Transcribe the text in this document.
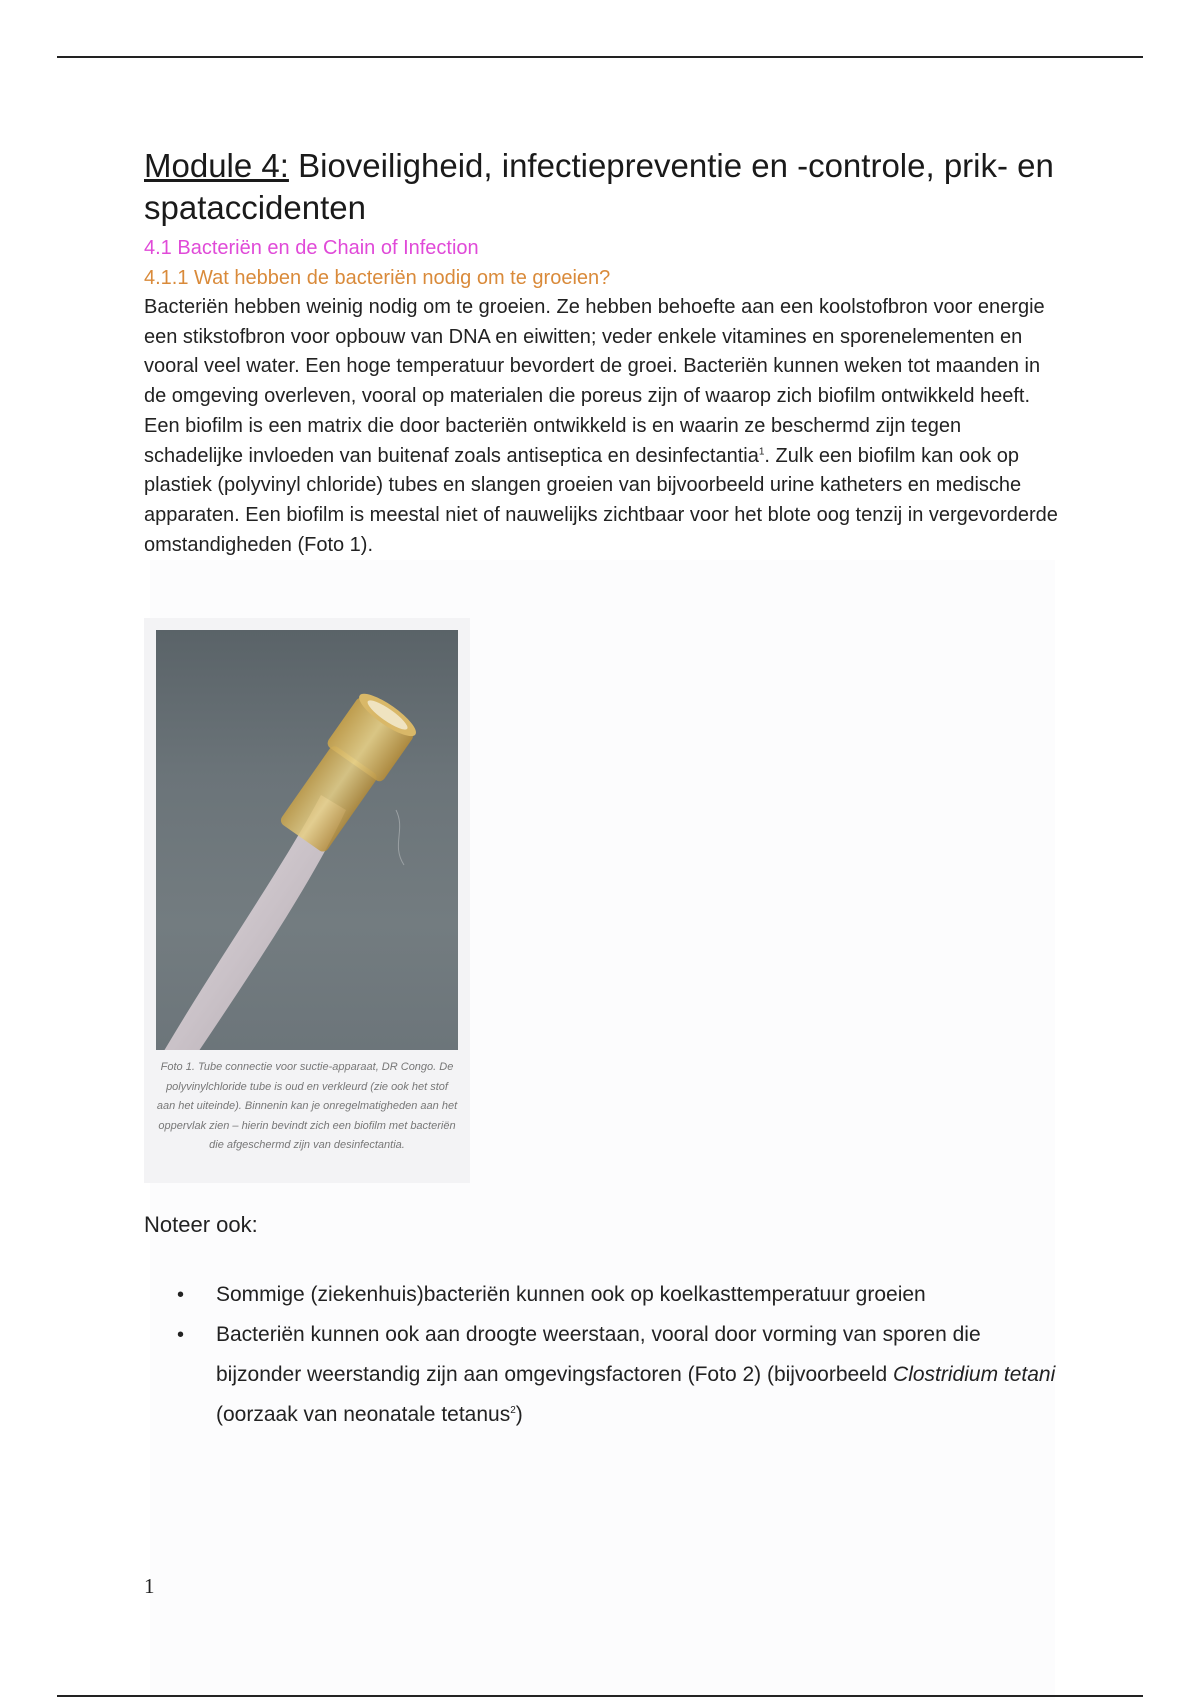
Module 4: Bioveiligheid, infectiepreventie en -controle, prik- en spataccidenten
4.1 Bacteriën en de Chain of Infection
4.1.1 Wat hebben de bacteriën nodig om te groeien?

Bacteriën hebben weinig nodig om te groeien. Ze hebben behoefte aan een koolstofbron voor energie een stikstofbron voor opbouw van DNA en eiwitten; veder enkele vitamines en sporenelementen en vooral veel water. Een hoge temperatuur bevordert de groei. Bacteriën kunnen weken tot maanden in de omgeving overleven, vooral op materialen die poreus zijn of waarop zich biofilm ontwikkeld heeft. Een biofilm is een matrix die door bacteriën ontwikkeld is en waarin ze beschermd zijn tegen schadelijke invloeden van buitenaf zoals antiseptica en desinfectantia$^1$. Zulk een biofilm kan ook op plastiek (polyvinyl chloride) tubes en slangen groeien van bijvoorbeeld urine katheters en medische apparaten. Een biofilm is meestal niet of nauwelijks zichtbaar voor het blote oog tenzij in vergevorderde omstandigheden (Foto 1).

Foto 1. Tube connectie voor suctie-apparaat, DR Congo. De polyvinylchloride tube is oud en verkleurd (zie ook het stof aan het uiteinde). Binnenin kan je onregelmatigheden aan het oppervlak zien – hierin bevindt zich een biofilm met bacteriën die afgeschermd zijn van desinfectantia.
Noteer ook:
• Sommige (ziekenhuis)bacteriën kunnen ook op koelkasttemperatuur groeien
• Bacteriën kunnen ook aan droogte weerstaan, vooral door vorming van sporen die bijzonder weerstandig zijn aan omgevingsfactoren (Foto 2) (bijvoorbeeld Clostridium tetani (oorzaak van neonatale tetanus$^2$)
1
